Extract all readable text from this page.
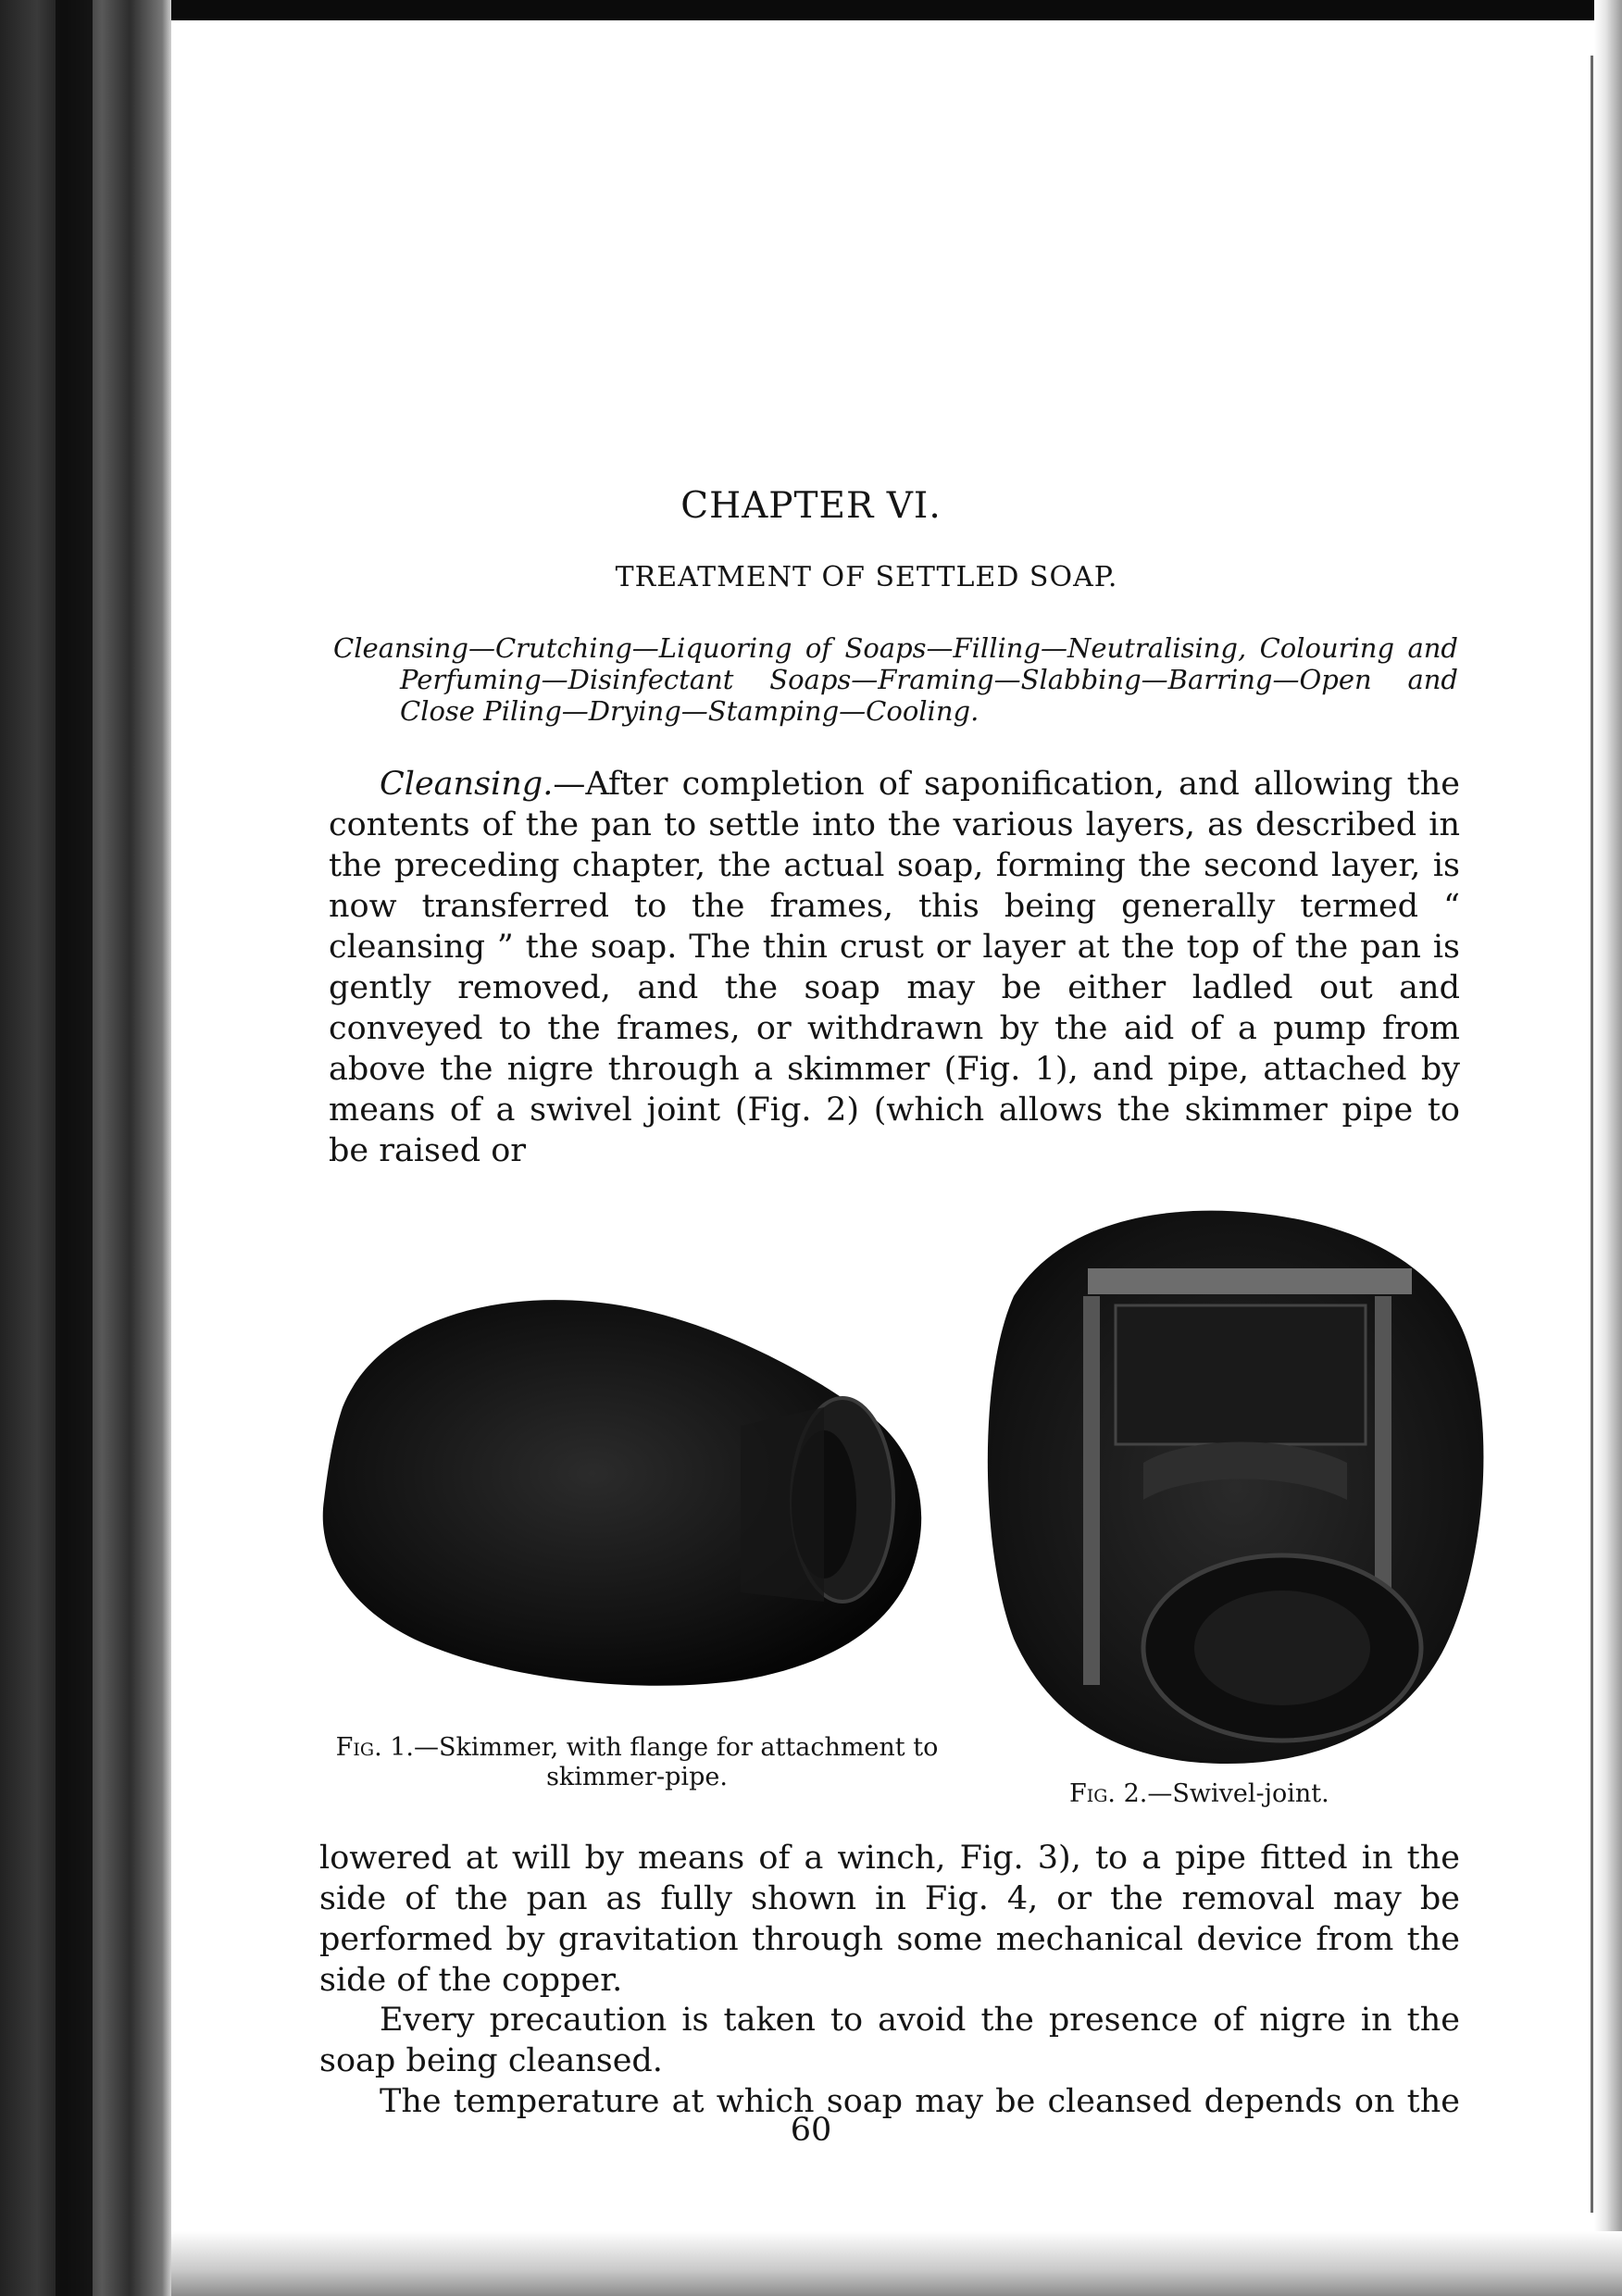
CHAPTER VI.
TREATMENT OF SETTLED SOAP.
Cleansing—Crutching—Liquoring of Soaps—Filling—Neutralising, Colouring and Perfuming—Disinfectant Soaps—Framing—Slabbing—Barring—Open and Close Piling—Drying—Stamping—Cooling.
Cleansing.—After completion of saponification, and allowing the contents of the pan to settle into the various layers, as described in the preceding chapter, the actual soap, forming the second layer, is now transferred to the frames, this being generally termed “ cleansing ” the soap. The thin crust or layer at the top of the pan is gently removed, and the soap may be either ladled out and conveyed to the frames, or withdrawn by the aid of a pump from above the nigre through a skimmer (Fig. 1), and pipe, attached by means of a swivel joint (Fig. 2) (which allows the skimmer pipe to be raised or
Fig. 1.—Skimmer, with flange for attachment to skimmer-pipe.
Fig. 2.—Swivel-joint.
lowered at will by means of a winch, Fig. 3), to a pipe fitted in the side of the pan as fully shown in Fig. 4, or the removal may be performed by gravitation through some mechanical device from the side of the copper.
Every precaution is taken to avoid the presence of nigre in the soap being cleansed.
The temperature at which soap may be cleansed depends on the
60
